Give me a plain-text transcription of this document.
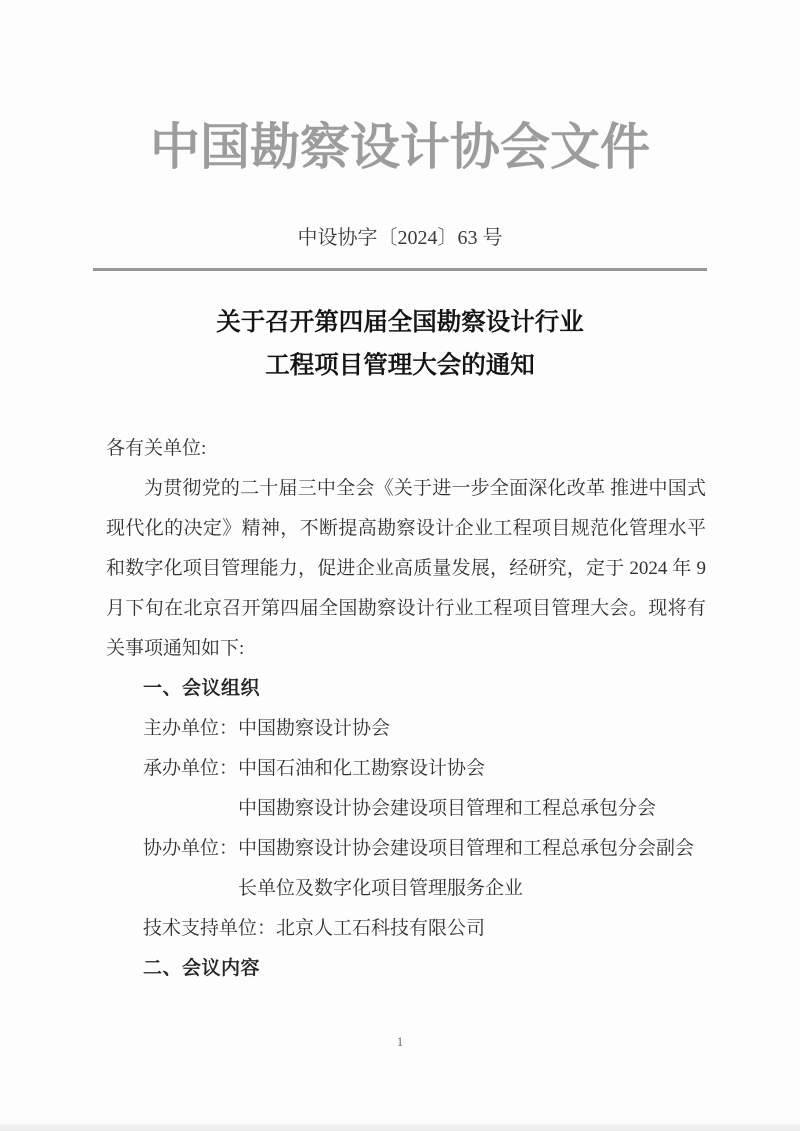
中国勘察设计协会文件
中设协字〔2024〕63 号
关于召开第四届全国勘察设计行业
工程项目管理大会的通知
各有关单位:
为贯彻党的二十届三中全会《关于进一步全面深化改革 推进中国式现代化的决定》精神，不断提高勘察设计企业工程项目规范化管理水平和数字化项目管理能力，促进企业高质量发展，经研究，定于 2024 年 9 月下旬在北京召开第四届全国勘察设计行业工程项目管理大会。现将有关事项通知如下:
一、会议组织
主办单位： 中国勘察设计协会
承办单位： 中国石油和化工勘察设计协会
中国勘察设计协会建设项目管理和工程总承包分会
协办单位： 中国勘察设计协会建设项目管理和工程总承包分会副会长单位及数字化项目管理服务企业
技术支持单位： 北京人工石科技有限公司
二、会议内容
1
